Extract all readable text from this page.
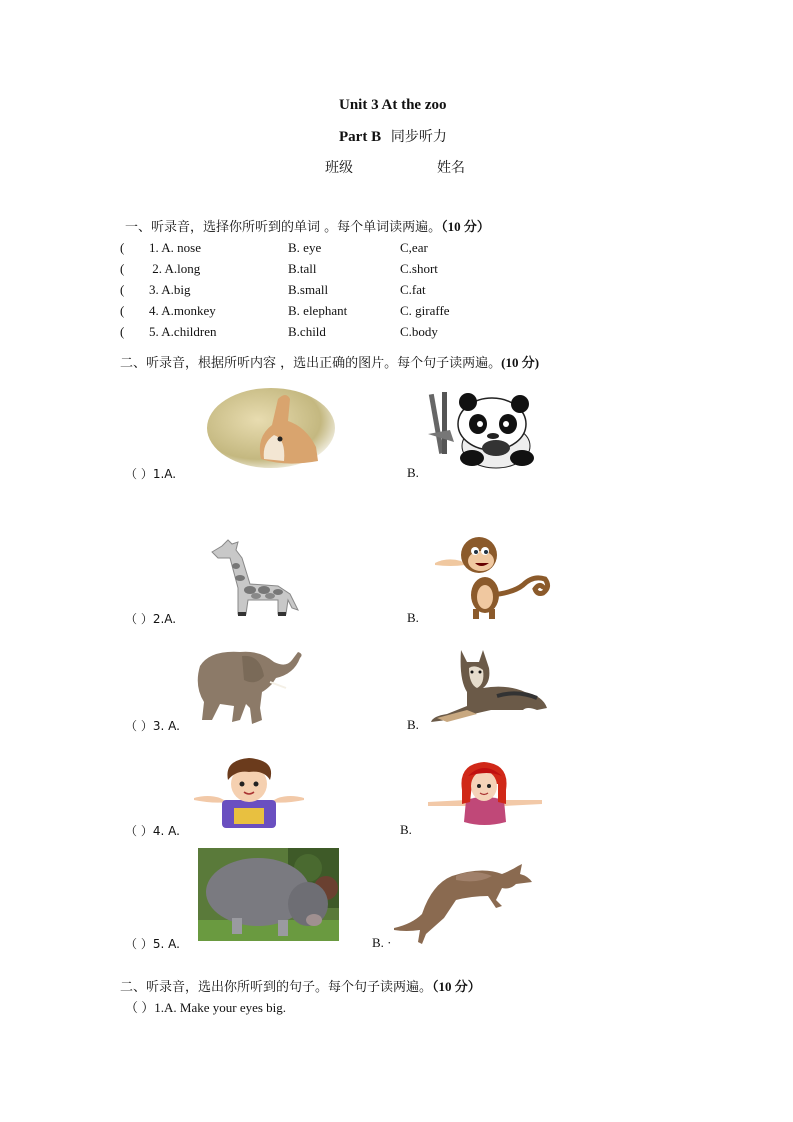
Unit 3 At the zoo
Part B 同步听力
班级	姓名
一、听录音，选择你所听到的单词 。每个单词读两遍。（10 分）
( 1. A. nose	B. eye	C,ear
( 2. A.long	B.tall	C.short
( 3. A.big	B.small	C.fat
( 4. A.monkey	B. elephant	C. giraffe
( 5. A.children	B.child	C.body
二、听录音，根据所听内容 ，选出正确的图片。每个句子读两遍。(10 分)
（ ）1.A.	B.
（ ）2.A.	B.
（ ）3. A.	B.
（ ）4. A.	B.
（ ）5. A.	B. ·
二、听录音，选出你所听到的句子。每个句子读两遍。（10 分）
（ ）1.A. Make your eyes big.
